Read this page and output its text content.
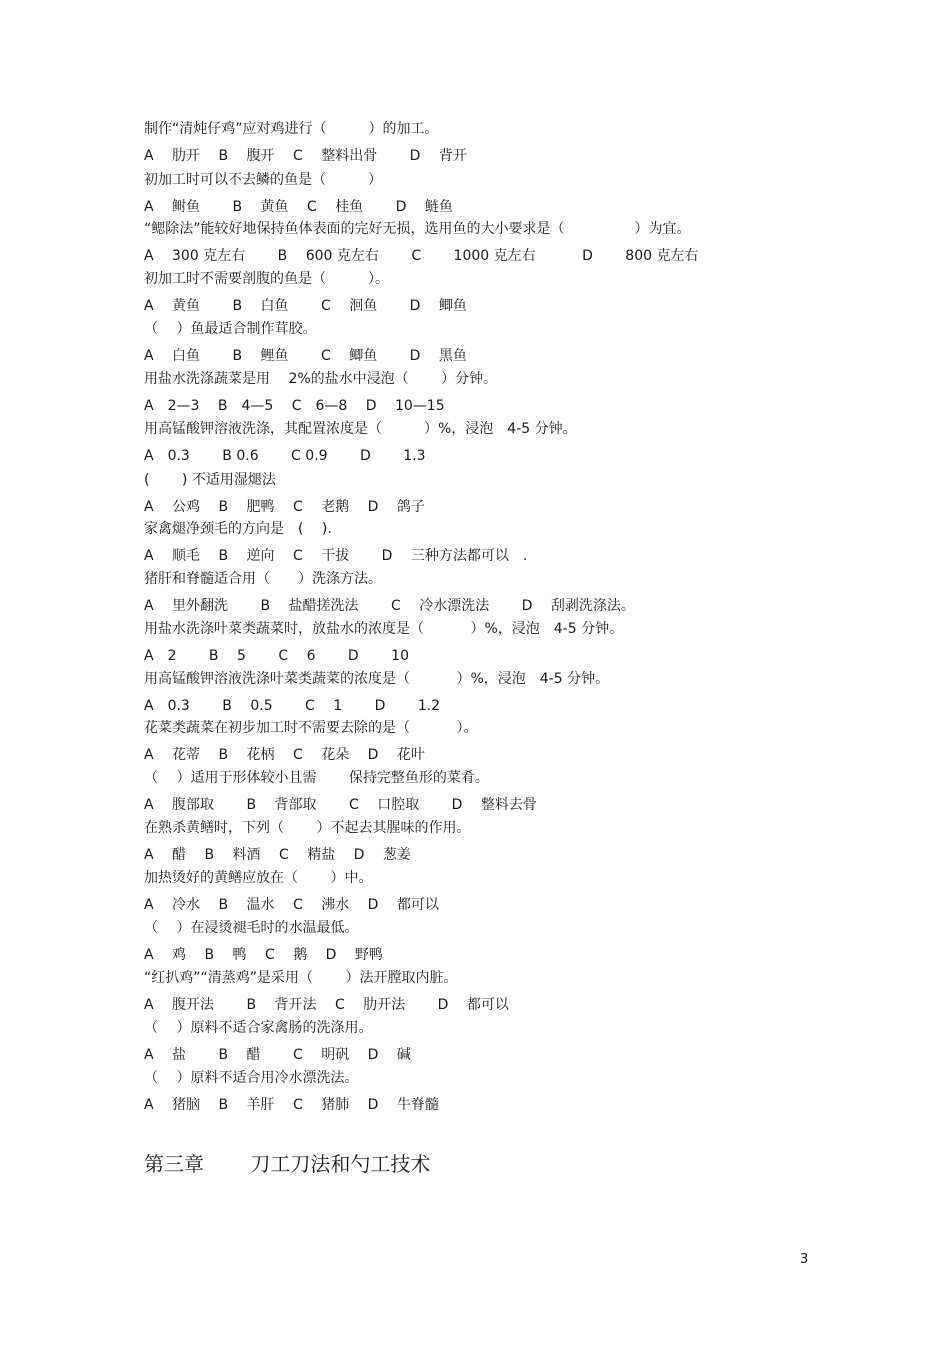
制作“清炖仔鸡”应对鸡进行（　　　）的加工。
A　 肋开　 B　 腹开　 C　 整料出骨　　 D　 背开
初加工时可以不去鳞的鱼是（　　　）
A　 鲥鱼　　 B　 黄鱼　 C　 桂鱼　　 D　 鲢鱼
“鳃除法”能较好地保持鱼体表面的完好无损，选用鱼的大小要求是（　　　　　）为宜。
A　 300 克左右　　 B　 600 克左右　　 C　　 1000 克左右　　　 D　　 800 克左右
初加工时不需要剖腹的鱼是（　　　）。
A　 黄鱼　　 B　 白鱼　　 C　 洄鱼　　 D　 鲫鱼
（　 ）鱼最适合制作茸胶。
A　 白鱼　　 B　 鲤鱼　　 C　 鲫鱼　　 D　 黑鱼
用盐水洗涤蔬菜是用　 2%的盐水中浸泡（　　 ）分钟。
A　2—3　 B　4—5　 C　6—8　 D　 10—15
用高锰酸钾溶液洗涤，其配置浓度是（　　　）%，浸泡　4-5 分钟。
A　0.3　　 B 0.6　　 C 0.9　　 D　　 1.3
(　　 ) 不适用湿煺法
A　 公鸡　 B　 肥鸭　 C　 老鹅　 D　 鸽子
家禽煺净颈毛的方向是　(　 ).
A　 顺毛　 B　 逆向　 C　 干拔　　 D　 三种方法都可以　.
猪肝和脊髓适合用（　　）洗涤方法。
A　 里外翻洗　　 B　 盐醋搓洗法　　 C　 冷水漂洗法　　 D　 刮剥洗涤法。
用盐水洗涤叶菜类蔬菜时，放盐水的浓度是（　　　 ）%，浸泡　4-5 分钟。
A　2　　 B　 5　　 C　 6　　 D　　 10
用高锰酸钾溶液洗涤叶菜类蔬菜的浓度是（　　　 ）%，浸泡　4-5 分钟。
A　0.3　　 B　 0.5　　 C　 1　　 D　　 1.2
花菜类蔬菜在初步加工时不需要去除的是（　　　 ）。
A　 花蒂　 B　 花柄　 C　 花朵　 D　 花叶
（　 ）适用于形体较小且需　　 保持完整鱼形的菜肴。
A　 腹部取　　 B　 背部取　　 C　 口腔取　　 D　 整料去骨
在熟杀黄鳝时，下列（　　 ）不起去其腥味的作用。
A　 醋　 B　 料酒　 C　 精盐　 D　 葱姜
加热烫好的黄鳝应放在（　　 ）中。
A　 冷水　 B　 温水　 C　 沸水　 D　 都可以
（　 ）在浸烫褪毛时的水温最低。
A　 鸡　 B　 鸭　 C　 鹅　 D　 野鸭
“红扒鸡”“清蒸鸡”是采用（　　 ）法开膛取内脏。
A　 腹开法　　 B　 背开法　 C　 肋开法　　 D　 都可以
（　 ）原料不适合家禽肠的洗涤用。
A　 盐　　 B　 醋　　 C　 明矾　 D　 碱
（　 ）原料不适合用冷水漂洗法。
A　 猪脑　 B　 羊肝　 C　 猪肺　 D　 牛脊髓
第三章　　 刀工刀法和勺工技术
3
